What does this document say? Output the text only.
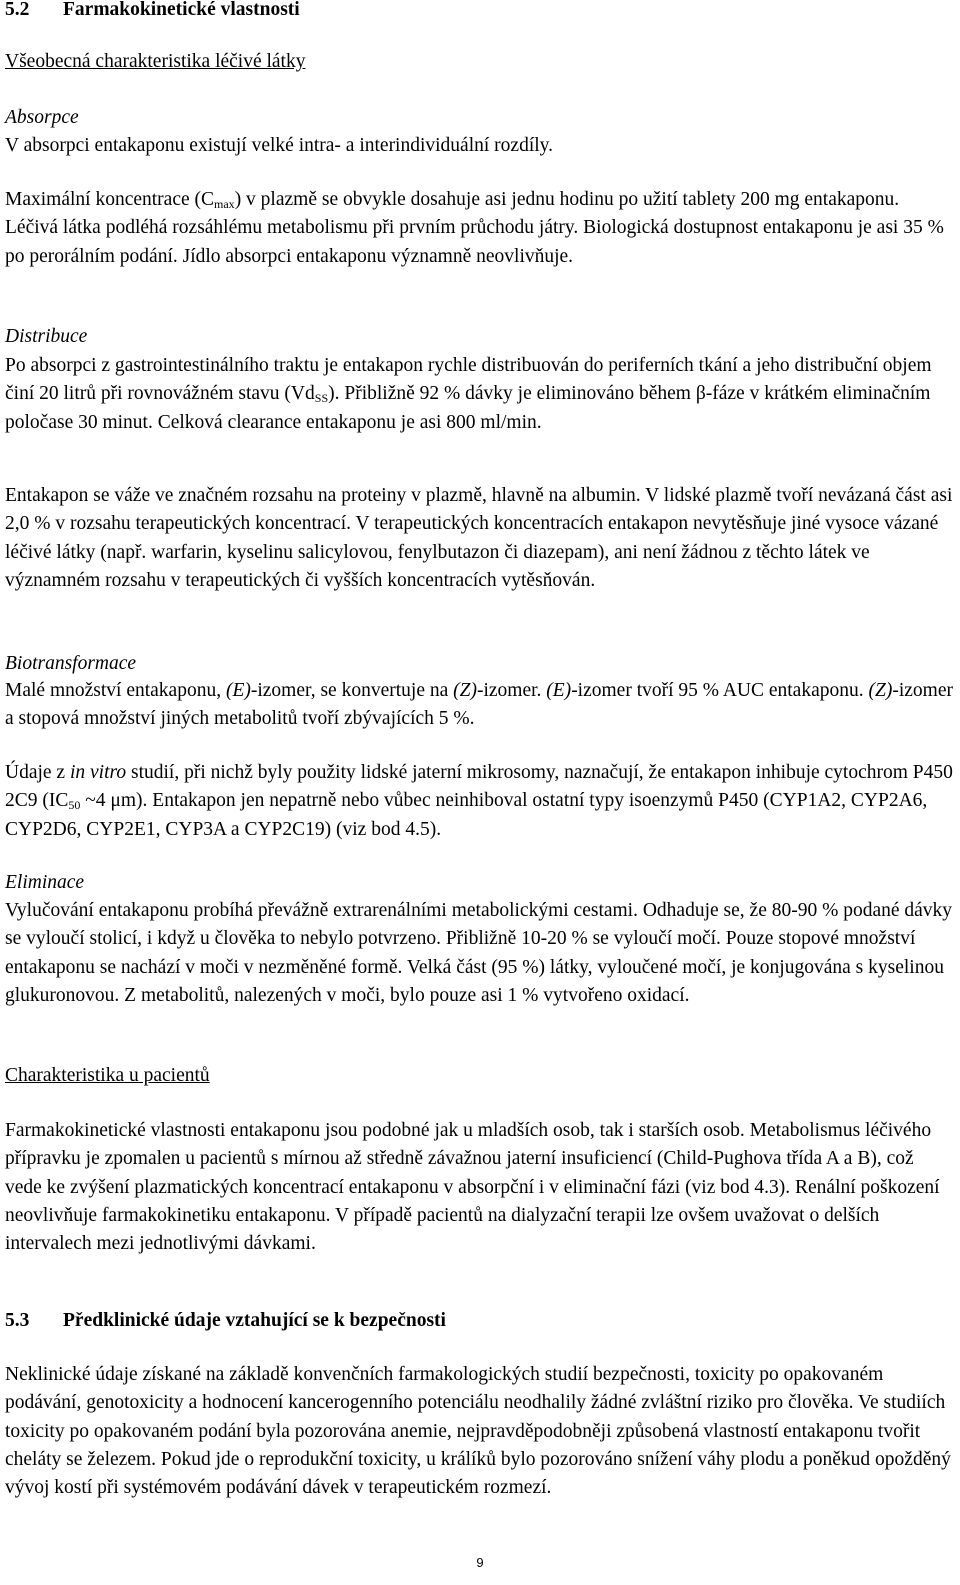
5.2 Farmakokinetické vlastnosti

Všeobecná charakteristika léčivé látky

Absorpce

V absorpci entakaponu existují velké intra- a interindividuální rozdíly.

Maximální koncentrace $(C_{max})$ v plazmě se obvykle dosahuje asi jednu hodinu po užití tablety 200 mg entakaponu. Léčivá látka podléhá rozsáhlému metabolismu při prvním průchodu játry. Biologická dostupnost entakaponu je asi 35 % po perorálním podání. Jídlo absorpci entakaponu významně neovlivňuje.

Distribuce

Po absorpci z gastrointestinálního traktu je entakapon rychle distribuován do periferních tkání a jeho distribuční objem činí 20 litrů při rovnovážném stavu $(Vd_{SS})$. Přibližně 92 % dávky je eliminováno během β-fáze v krátkém eliminačním poločase 30 minut. Celková clearance entakaponu je asi 800 ml/min.

Entakapon se váže ve značném rozsahu na proteiny v plazmě, hlavně na albumin. V lidské plazmě tvoří nevázaná část asi 2,0 % v rozsahu terapeutických koncentrací. V terapeutických koncentracích entakapon nevytěsňuje jiné vysoce vázané léčivé látky (např. warfarin, kyselinu salicylovou, fenylbutazon či diazepam), ani není žádnou z těchto látek ve významném rozsahu v terapeutických či vyšších koncentracích vytěsňován.

Biotransformace

Malé množství entakaponu, (E)-izomer, se konvertuje na (Z)-izomer. (E)-izomer tvoří 95 % AUC entakaponu. (Z)-izomer a stopová množství jiných metabolitů tvoří zbývajících 5 %.

Údaje z in vitro studií, při nichž byly použity lidské jaterní mikrosomy, naznačují, že entakapon inhibuje cytochrom P450 2C9 ($IC_{50}$ ~4 μm). Entakapon jen nepatrně nebo vůbec neinhiboval ostatní typy isoenzymů P450 (CYP1A2, CYP2A6, CYP2D6, CYP2E1, CYP3A a CYP2C19) (viz bod 4.5).

Eliminace

Vylučování entakaponu probíhá převážně extrarenálními metabolickými cestami. Odhaduje se, že 80-90 % podané dávky se vyloučí stolicí, i když u člověka to nebylo potvrzeno. Přibližně 10-20 % se vyloučí močí. Pouze stopové množství entakaponu se nachází v moči v nezměněné formě. Velká část (95 %) látky, vyloučené močí, je konjugována s kyselinou glukuronovou. Z metabolitů, nalezených v moči, bylo pouze asi 1 % vytvořeno oxidací.

Charakteristika u pacientů

Farmakokinetické vlastnosti entakaponu jsou podobné jak u mladších osob, tak i starších osob. Metabolismus léčivého přípravku je zpomalen u pacientů s mírnou až středně závažnou jaterní insuficiencí (Child-Pughova třída A a B), což vede ke zvýšení plazmatických koncentrací entakaponu v absorpční i v eliminační fázi (viz bod 4.3). Renální poškození neovlivňuje farmakokinetiku entakaponu. V případě pacientů na dialyzační terapii lze ovšem uvažovat o delších intervalech mezi jednotlivými dávkami.

5.3 Předklinické údaje vztahující se k bezpečnosti

Neklinické údaje získané na základě konvenčních farmakologických studií bezpečnosti, toxicity po opakovaném podávání, genotoxicity a hodnocení kancerogenního potenciálu neodhalily žádné zvláštní riziko pro člověka. Ve studiích toxicity po opakovaném podání byla pozorována anemie, nejpravděpodobněji způsobená vlastností entakaponu tvořit cheláty se železem. Pokud jde o reprodukční toxicity, u králíků bylo pozorováno snížení váhy plodu a poněkud opožděný vývoj kostí při systémovém podávání dávek v terapeutickém rozmezí.

9
